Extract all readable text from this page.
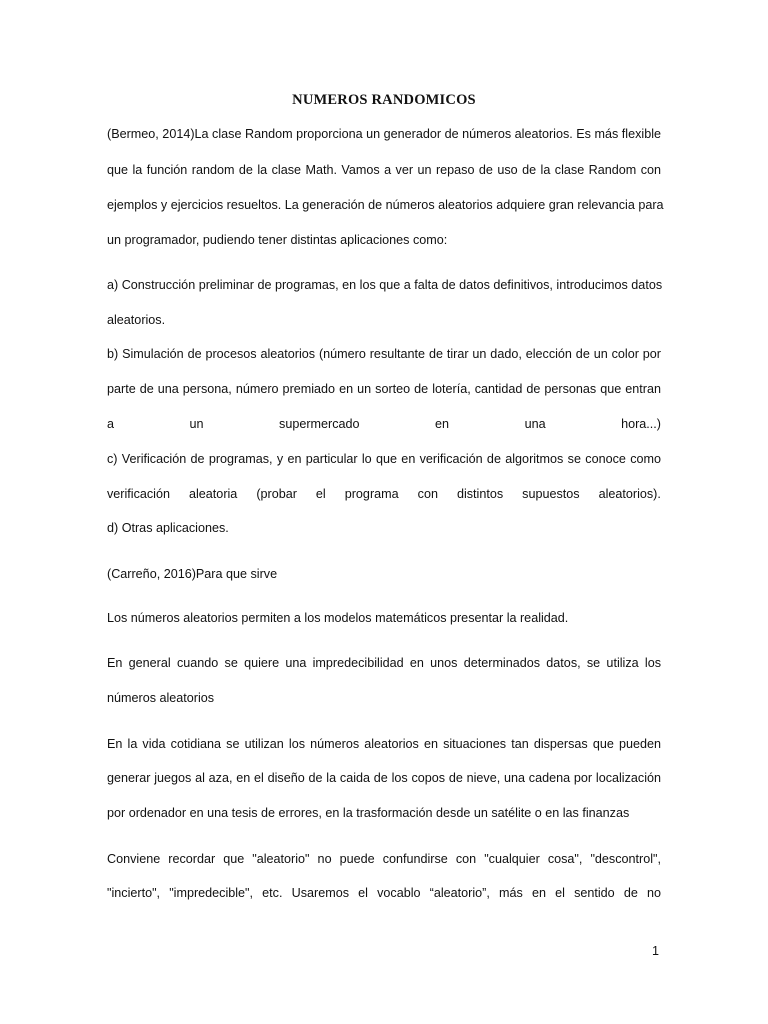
NUMEROS RANDOMICOS
(Bermeo, 2014)La clase Random proporciona un generador de números aleatorios. Es más flexible
que la función random de la clase Math. Vamos a ver un repaso de uso de la clase Random con
ejemplos y ejercicios resueltos. La generación de números aleatorios adquiere gran relevancia para
un programador, pudiendo tener distintas aplicaciones como:
a) Construcción preliminar de programas, en los que a falta de datos definitivos, introducimos datos
aleatorios.
b) Simulación de procesos aleatorios (número resultante de tirar un dado, elección de un color por
parte de una persona, número premiado en un sorteo de lotería, cantidad de personas que entran
a	un	supermercado	en	una	hora...)
c) Verificación de programas, y en particular lo que en verificación de algoritmos se conoce como
verificación aleatoria (probar el programa con distintos supuestos aleatorios).
d) Otras aplicaciones.
(Carreño, 2016)Para que sirve
Los números aleatorios permiten a los modelos matemáticos presentar la realidad.
En general cuando se quiere una impredecibilidad en unos determinados datos, se utiliza los
números aleatorios
En la vida cotidiana se utilizan los números aleatorios en situaciones tan dispersas que pueden
generar juegos al aza, en el diseño de la caida de los copos de nieve, una cadena por localización
por ordenador en una tesis de errores, en la trasformación desde un satélite o en las finanzas
Conviene recordar que "aleatorio" no puede confundirse con "cualquier cosa", "descontrol",
"incierto", "impredecible", etc. Usaremos el vocablo “aleatorio”, más en el sentido de no
1
